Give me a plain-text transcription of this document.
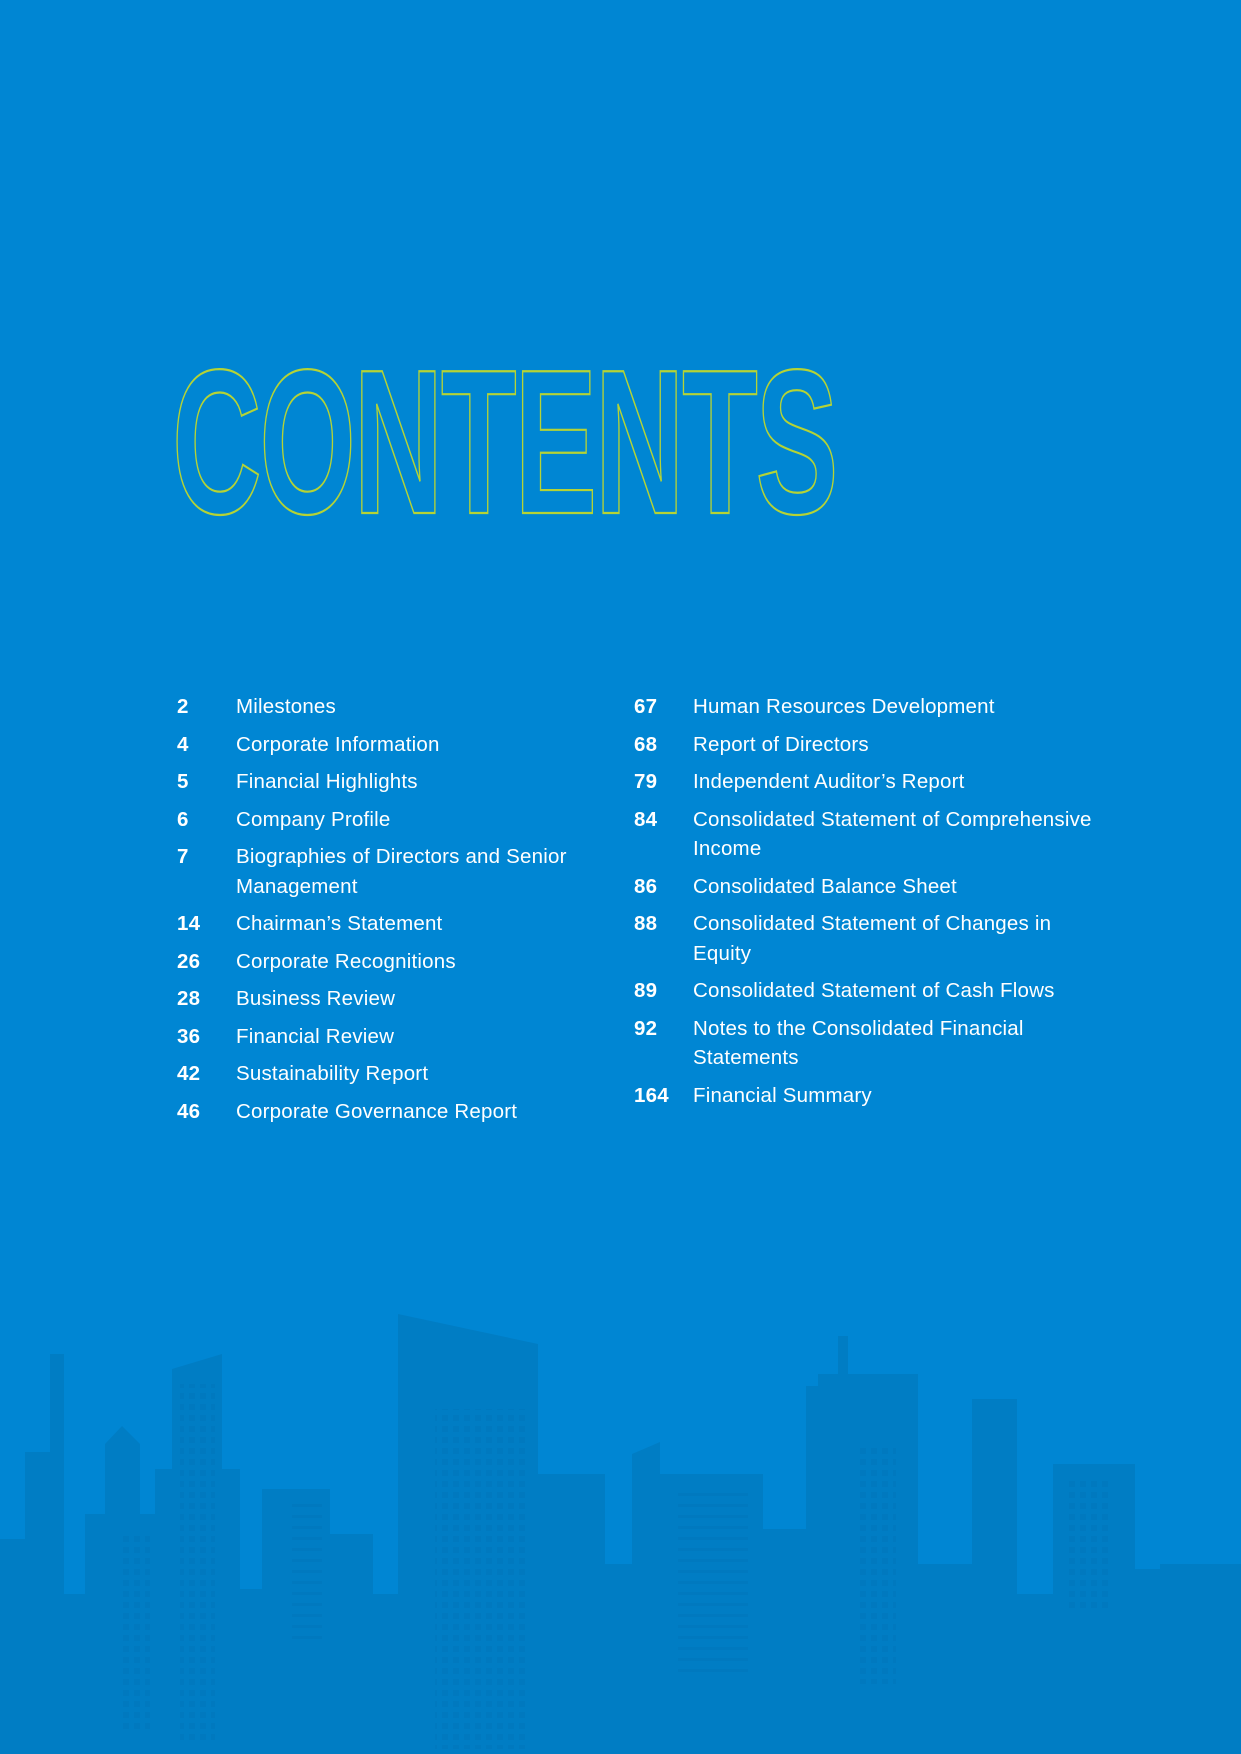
CONTENTS
2	Milestones
4	Corporate Information
5	Financial Highlights
6	Company Profile
7	Biographies of Directors and Senior Management
14	Chairman’s Statement
26	Corporate Recognitions
28	Business Review
36	Financial Review
42	Sustainability Report
46	Corporate Governance Report
67	Human Resources Development
68	Report of Directors
79	Independent Auditor’s Report
84	Consolidated Statement of Comprehensive Income
86	Consolidated Balance Sheet
88	Consolidated Statement of Changes in Equity
89	Consolidated Statement of Cash Flows
92	Notes to the Consolidated Financial Statements
164	Financial Summary
